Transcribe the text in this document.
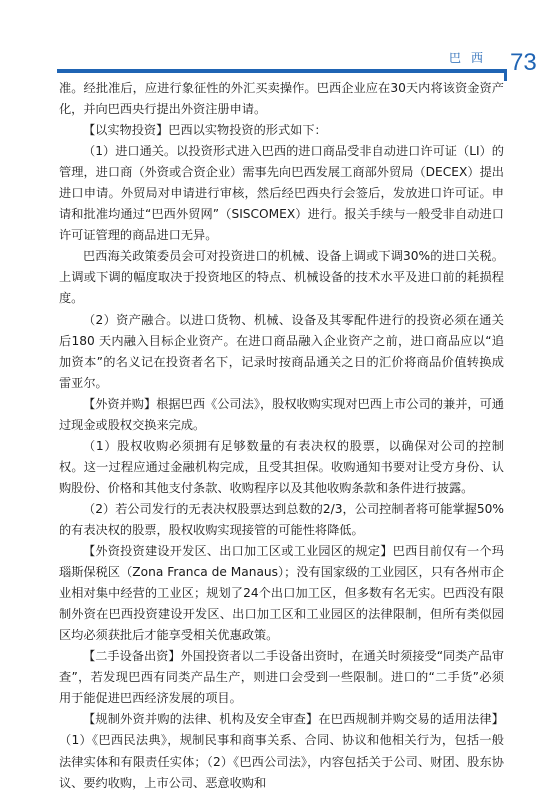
巴西 73

准。经批准后，应进行象征性的外汇买卖操作。巴西企业应在30天内将该资金资产化，并向巴西央行提出外资注册申请。

【以实物投资】巴西以实物投资的形式如下：

（1）进口通关。以投资形式进入巴西的进口商品受非自动进口许可证（LI）的管理，进口商（外资或合资企业）需事先向巴西发展工商部外贸局（DECEX）提出进口申请。外贸局对申请进行审核，然后经巴西央行会签后，发放进口许可证。申请和批准均通过“巴西外贸网”（SISCOMEX）进行。报关手续与一般受非自动进口许可证管理的商品进口无异。

巴西海关政策委员会可对投资进口的机械、设备上调或下调30%的进口关税。上调或下调的幅度取决于投资地区的特点、机械设备的技术水平及进口前的耗损程度。

（2）资产融合。以进口货物、机械、设备及其零配件进行的投资必须在通关后180 天内融入目标企业资产。在进口商品融入企业资产之前，进口商品应以“追加资本”的名义记在投资者名下，记录时按商品通关之日的汇价将商品价值转换成雷亚尔。

【外资并购】根据巴西《公司法》，股权收购实现对巴西上市公司的兼并，可通过现金或股权交换来完成。

（1）股权收购必须拥有足够数量的有表决权的股票，以确保对公司的控制权。这一过程应通过金融机构完成，且受其担保。收购通知书要对让受方身份、认购股份、价格和其他支付条款、收购程序以及其他收购条款和条件进行披露。

（2）若公司发行的无表决权股票达到总数的2/3，公司控制者将可能掌握50%的有表决权的股票，股权收购实现接管的可能性将降低。

【外资投资建设开发区、出口加工区或工业园区的规定】巴西目前仅有一个玛瑙斯保税区（Zona Franca de Manaus）；没有国家级的工业园区，只有各州市企业相对集中经营的工业区；规划了24个出口加工区，但多数有名无实。巴西没有限制外资在巴西投资建设开发区、出口加工区和工业园区的法律限制，但所有类似园区均必须获批后才能享受相关优惠政策。

【二手设备出资】外国投资者以二手设备出资时，在通关时须接受“同类产品审查”，若发现巴西有同类产品生产，则进口会受到一些限制。进口的“二手货”必须用于能促进巴西经济发展的项目。

【规制外资并购的法律、机构及安全审查】在巴西规制并购交易的适用法律】（1）《巴西民法典》，规制民事和商事关系、合同、协议和他相关行为，包括一般法律实体和有限责任实体；（2）《巴西公司法》，内容包括关于公司、财团、股东协议、要约收购，上市公司、恶意收购和
